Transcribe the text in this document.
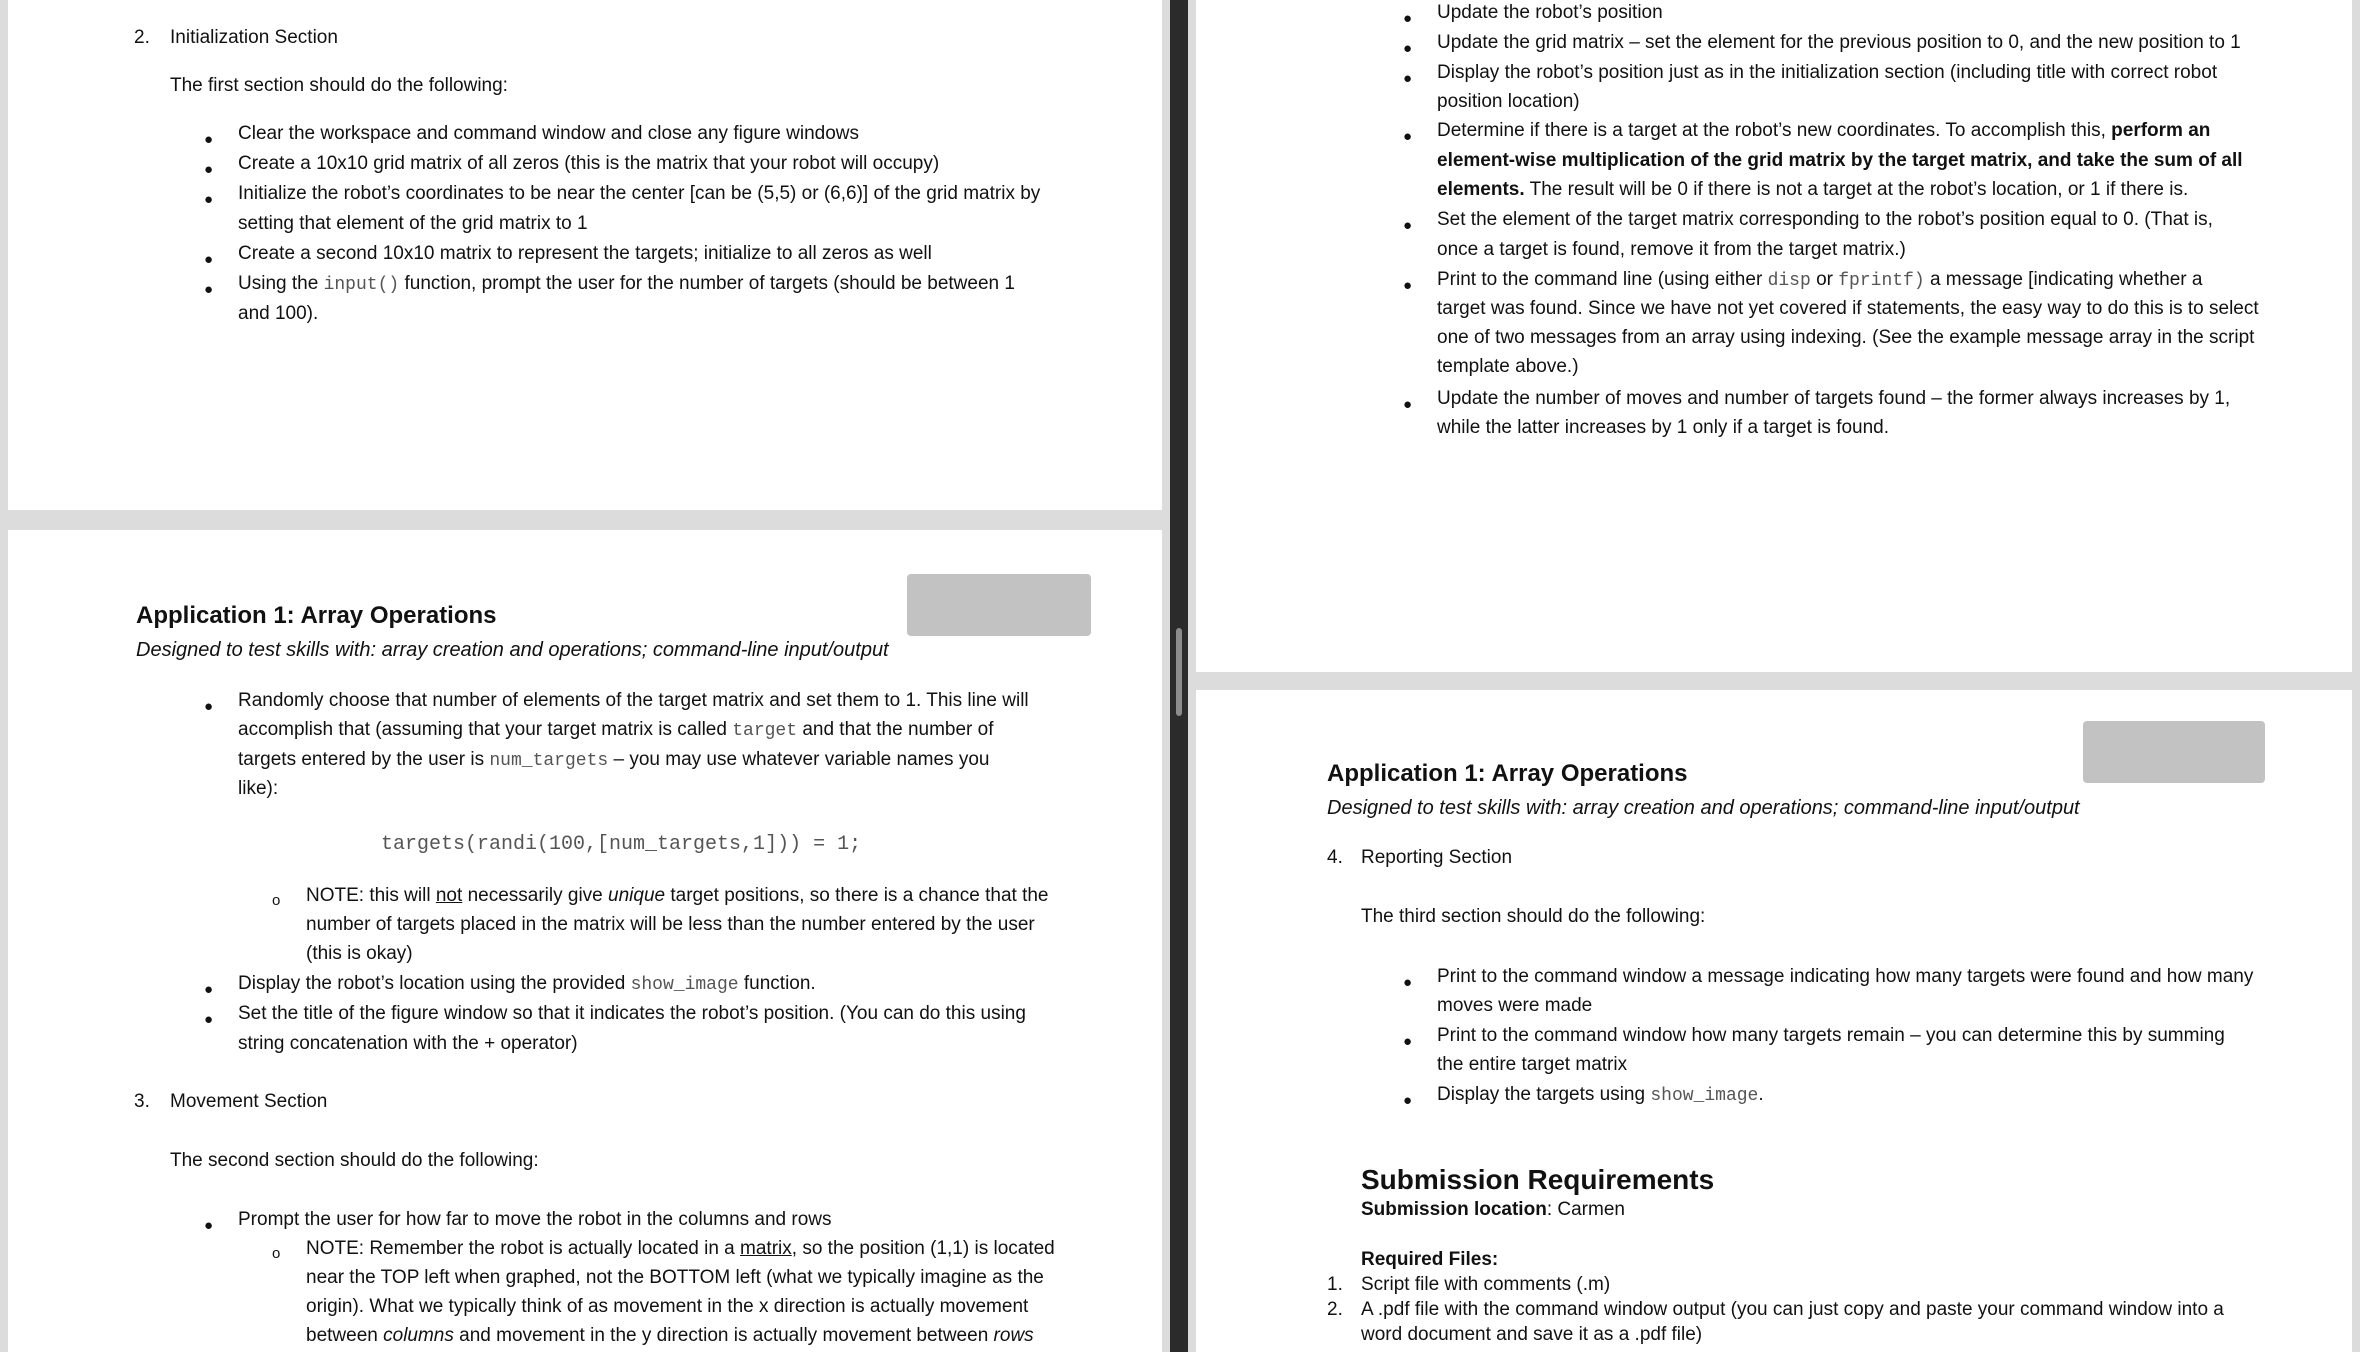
2. Initialization Section
The first section should do the following:
● Clear the workspace and command window and close any figure windows
● Create a 10x10 grid matrix of all zeros (this is the matrix that your robot will occupy)
● Initialize the robot’s coordinates to be near the center [can be (5,5) or (6,6)] of the grid matrix by
setting that element of the grid matrix to 1
● Create a second 10x10 matrix to represent the targets; initialize to all zeros as well
● Using the input() function, prompt the user for the number of targets (should be between 1
and 100).
Application 1: Array Operations
Designed to test skills with: array creation and operations; command-line input/output
● Randomly choose that number of elements of the target matrix and set them to 1. This line will
accomplish that (assuming that your target matrix is called target and that the number of
targets entered by the user is num_targets – you may use whatever variable names you
like):
targets(randi(100,[num_targets,1])) = 1;
o NOTE: this will not necessarily give unique target positions, so there is a chance that the
number of targets placed in the matrix will be less than the number entered by the user
(this is okay)
● Display the robot’s location using the provided show_image function.
● Set the title of the figure window so that it indicates the robot’s position. (You can do this using
string concatenation with the + operator)
3. Movement Section
The second section should do the following:
● Prompt the user for how far to move the robot in the columns and rows
o NOTE: Remember the robot is actually located in a matrix, so the position (1,1) is located
near the TOP left when graphed, not the BOTTOM left (what we typically imagine as the
origin). What we typically think of as movement in the x direction is actually movement
between columns and movement in the y direction is actually movement between rows
● Update the robot’s position
● Update the grid matrix – set the element for the previous position to 0, and the new position to 1
● Display the robot’s position just as in the initialization section (including title with correct robot
position location)
● Determine if there is a target at the robot’s new coordinates. To accomplish this, perform an
element-wise multiplication of the grid matrix by the target matrix, and take the sum of all
elements. The result will be 0 if there is not a target at the robot’s location, or 1 if there is.
● Set the element of the target matrix corresponding to the robot’s position equal to 0. (That is,
once a target is found, remove it from the target matrix.)
● Print to the command line (using either disp or fprintf) a message [indicating whether a
target was found. Since we have not yet covered if statements, the easy way to do this is to select
one of two messages from an array using indexing. (See the example message array in the script
template above.)
● Update the number of moves and number of targets found – the former always increases by 1,
while the latter increases by 1 only if a target is found.
Application 1: Array Operations
Designed to test skills with: array creation and operations; command-line input/output
4. Reporting Section
The third section should do the following:
● Print to the command window a message indicating how many targets were found and how many
moves were made
● Print to the command window how many targets remain – you can determine this by summing
the entire target matrix
● Display the targets using show_image.
Submission Requirements
Submission location: Carmen
Required Files:
1. Script file with comments (.m)
2. A .pdf file with the command window output (you can just copy and paste your command window into a
word document and save it as a .pdf file)
